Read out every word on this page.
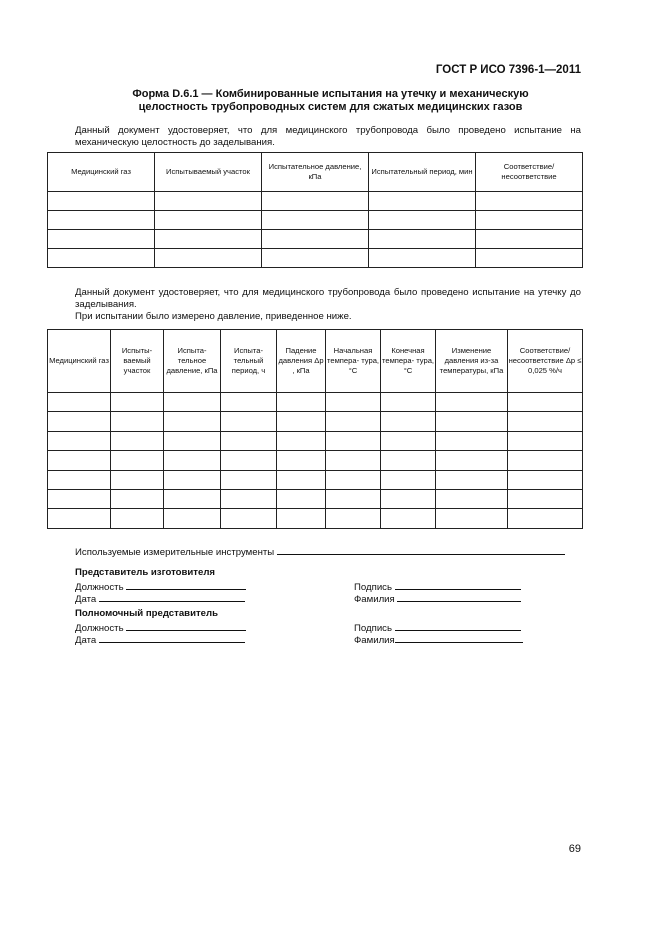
ГОСТ Р ИСО 7396-1—2011
Форма D.6.1 — Комбинированные испытания на утечку и механическую
целостность трубопроводных систем для сжатых медицинских газов
Данный документ удостоверяет, что для медицинского трубопровода было проведено испытание на механическую целостность до заделывания.
Медицинский газ	Испытываемый участок	Испытательное давление, кПа	Испытательный период, мин	Соответствие/ несоответствие

Данный документ удостоверяет, что для медицинского трубопровода было проведено испытание на утечку до заделывания.
При испытании было измерено давление, приведенное ниже.
Медицинский газ	Испыты- ваемый участок	Испыта- тельное давление, кПа	Испыта- тельный период, ч	Падение давления Δp , кПа	Начальная темпера- тура, °С	Конечная темпера- тура, °С	Изменение давления из-за температуры, кПа	Соответствие/ несоответствие Δp ≤ 0,025 %/ч

Используемые измерительные инструменты
Представитель изготовителя
Должность
Дата
Подпись
Фамилия
Полномочный представитель
Должность
Дата
Подпись
Фамилия
69
